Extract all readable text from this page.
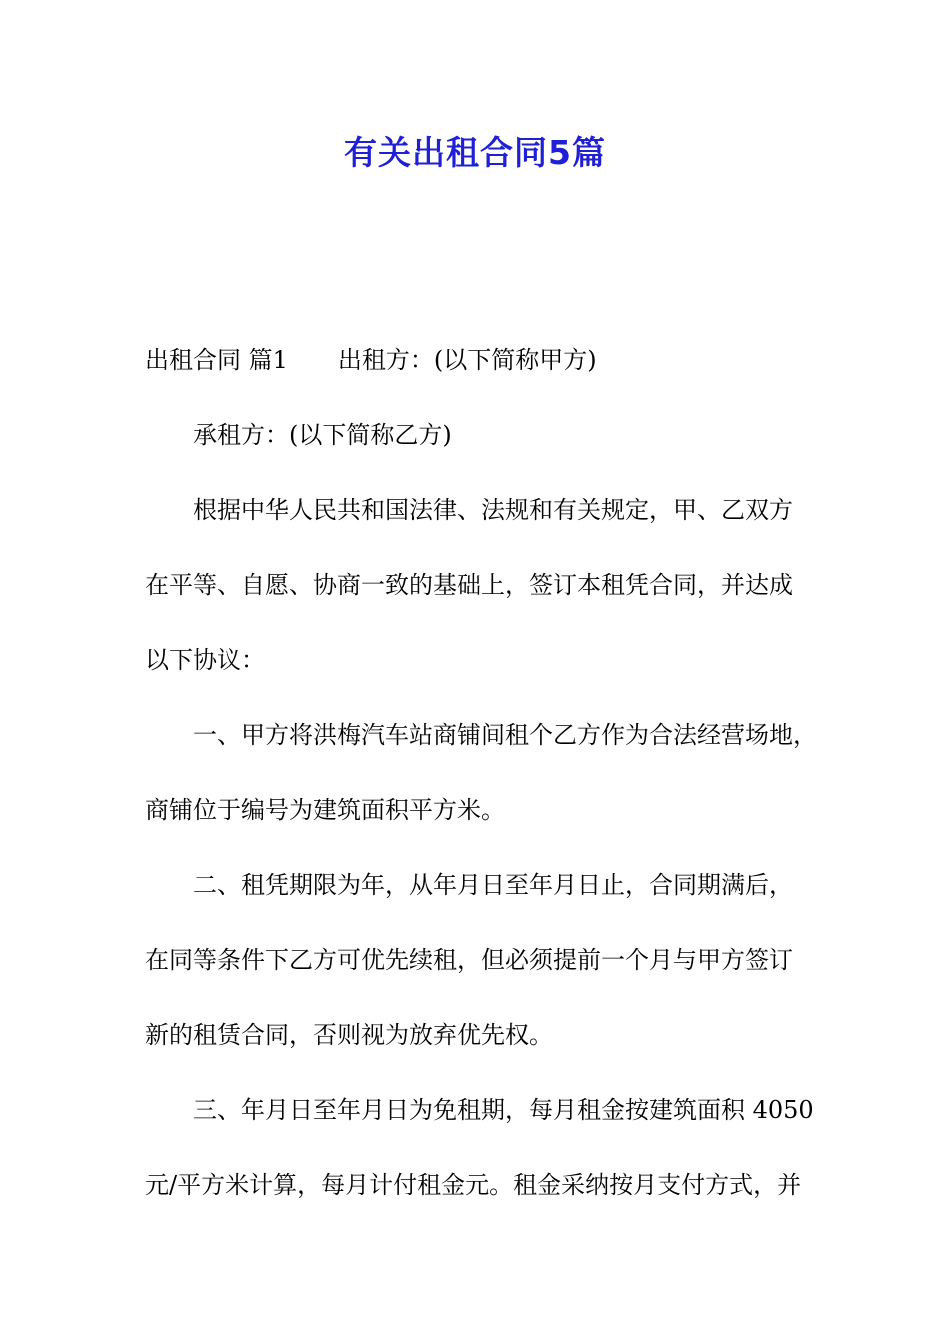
有关出租合同5篇
出租合同 篇1 出租方：(以下简称甲方)
承租方：(以下简称乙方)
根据中华人民共和国法律、法规和有关规定，甲、乙双方
在平等、自愿、协商一致的基础上，签订本租凭合同，并达成
以下协议：
一、甲方将洪梅汽车站商铺间租个乙方作为合法经营场地，
商铺位于编号为建筑面积平方米。
二、租凭期限为年，从年月日至年月日止，合同期满后，
在同等条件下乙方可优先续租，但必须提前一个月与甲方签订
新的租赁合同，否则视为放弃优先权。
三、年月日至年月日为免租期，每月租金按建筑面积 4050
元/平方米计算，每月计付租金元。租金采纳按月支付方式，并
